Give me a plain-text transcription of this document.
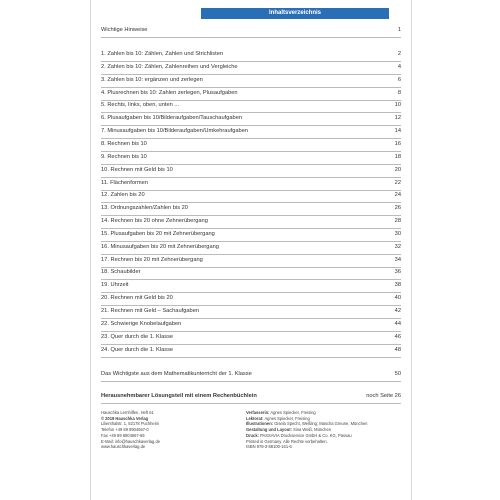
Inhaltsverzeichnis
Wichtige Hinweise	1
1. Zahlen bis 10: Zählen, Zahlen und Strichlisten	2
2. Zahlen bis 10: Zählen, Zahlenreihen und Vergleiche	4
3. Zahlen bis 10: ergänzen und zerlegen	6
4. Plusrechnen bis 10: Zahlen zerlegen, Plusaufgaben	8
5. Rechts, links, oben, unten ...	10
6. Plusaufgaben bis 10/Bilderaufgaben/Tauschaufgaben	12
7. Minusaufgaben bis 10/Bilderaufgaben/Umkehraufgaben	14
8. Rechnen bis 10	16
9. Rechnen bis 10	18
10. Rechnen mit Geld bis 10	20
11. Flächenformen	22
12. Zahlen bis 20	24
13. Ordnungszahlen/Zahlen bis 20	26
14. Rechnen bis 20 ohne Zehnerübergang	28
15. Plusaufgaben bis 20 mit Zehnerübergang	30
16. Minusaufgaben bis 20 mit Zehnerübergang	32
17. Rechnen bis 20 mit Zehnerübergang	34
18. Schaubilder	36
19. Uhrzeit	38
20. Rechnen mit Geld bis 20	40
21. Rechnen mit Geld – Sachaufgaben	42
22. Schwierige Knobelaufgaben	44
23. Quer durch die 1. Klasse	46
24. Quer durch die 1. Klasse	48
Das Wichtigste aus dem Mathematikunterricht der 1. Klasse	50
Herausnehmbarer Lösungsteil mit einem Rechenbüchlein	noch Seite 26
Hauschka Lernhilfen, Heft 61
© 2019 Hauschka Verlag
Lilienthalstr. 1, 82178 Puchheim
Telefon +49 89 8904667-0
Fax +49 89 8904667-69
E-Mail: info@hauschkaverlag.de
www.hauschkaverlag.de
Verfasserin: Agnes Spiecker, Freising
Lektorat: Agnes Spiecker, Freising
Illustrationen: Gisela Specht, Weßling; Mascha Greune, München
Gestaltung und Layout: Sina Weiß, München
Druck: PASSAVIA Druckservice GmbH & Co. KG, Passau
Printed in Germany. Alle Rechte vorbehalten.
ISBN 978-3-88100-161-6
